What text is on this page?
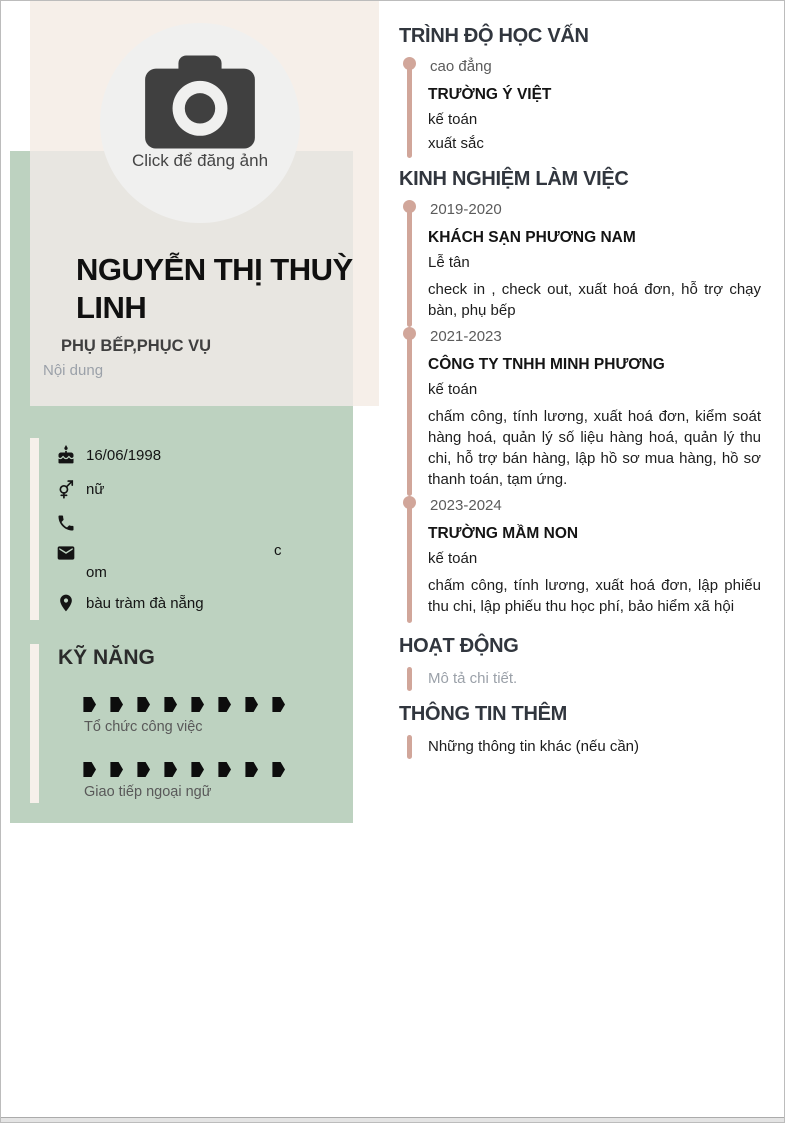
Click để đăng ảnh
NGUYỄN THỊ THUỲ LINH
PHỤ BẾP,PHỤC VỤ
Nội dung
16/06/1998
nữ
c
om
bàu tràm đà nẵng
KỸ NĂNG
Tổ chức công việc
Giao tiếp ngoại ngữ
TRÌNH ĐỘ HỌC VẤN
cao đẳng
TRƯỜNG Ý VIỆT
kế toán
xuất sắc
KINH NGHIỆM LÀM VIỆC
2019-2020
KHÁCH SẠN PHƯƠNG NAM
Lễ tân
check in , check out, xuất hoá đơn, hỗ trợ chạy bàn, phụ bếp
2021-2023
CÔNG TY TNHH MINH PHƯƠNG
kế toán
chấm công, tính lương, xuất hoá đơn, kiểm soát hàng hoá, quản lý số liệu hàng hoá, quản lý thu chi, hỗ trợ bán hàng, lập hồ sơ mua hàng, hồ sơ thanh toán, tạm ứng.
2023-2024
TRƯỜNG MẦM NON
kế toán
chấm công, tính lương, xuất hoá đơn, lập phiếu thu chi, lập phiếu thu học phí, bảo hiểm xã hội
HOẠT ĐỘNG
Mô tả chi tiết.
THÔNG TIN THÊM
Những thông tin khác (nếu cần)
